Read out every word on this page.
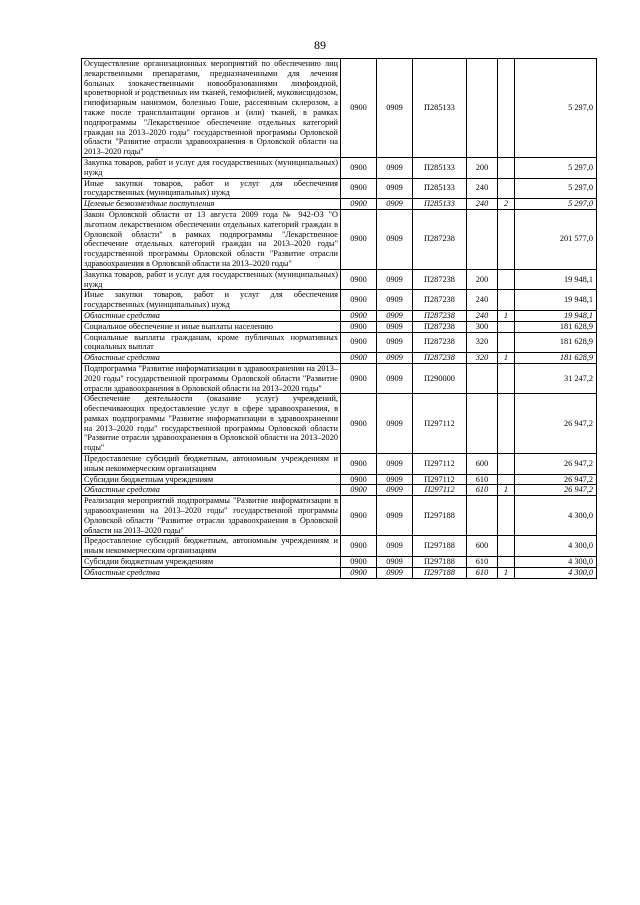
89
Осуществление организационных мероприятий по обеспечению лиц лекарственными препаратами, предназначенными для лечения больных злокачественными новообразованиями лимфоидной, кроветворной и родственных им тканей, гемофилией, муковисцидозом, гипофизарным нанизмом, болезнью Гоше, рассеянным склерозом, а также после трансплантации органов и (или) тканей, в рамках подпрограммы "Лекарственное обеспечение отдельных категорий граждан на 2013–2020 годы" государственной программы Орловской области "Развитие отрасли здравоохранения в Орловской области на 2013–2020 годы"	0900	0909	П285133			5 297,0
Закупка товаров, работ и услуг для государственных (муниципальных) нужд	0900	0909	П285133	200		5 297,0
Иные закупки товаров, работ и услуг для обеспечения государственных (муниципальных) нужд	0900	0909	П285133	240		5 297,0
Целевые безвозмездные поступления	0900	0909	П285133	240	2	5 297,0
Закон Орловской области от 13 августа 2009 года № 942-ОЗ "О льготном лекарственном обеспечении отдельных категорий граждан в Орловской области" в рамках подпрограммы "Лекарственное обеспечение отдельных категорий граждан на 2013–2020 годы" государственной программы Орловской области "Развитие отрасли здравоохранения в Орловской области на 2013–2020 годы"	0900	0909	П287238			201 577,0
Закупка товаров, работ и услуг для государственных (муниципальных) нужд	0900	0909	П287238	200		19 948,1
Иные закупки товаров, работ и услуг для обеспечения государственных (муниципальных) нужд	0900	0909	П287238	240		19 948,1
Областные средства	0900	0909	П287238	240	1	19 948,1
Социальное обеспечение и иные выплаты населению	0900	0909	П287238	300		181 628,9
Социальные выплаты гражданам, кроме публичных нормативных социальных выплат	0900	0909	П287238	320		181 628,9
Областные средства	0900	0909	П287238	320	1	181 628,9
Подпрограмма "Развитие информатизации в здравоохранении на 2013–2020 годы" государственной программы Орловской области "Развитие отрасли здравоохранения в Орловской области на 2013–2020 годы"	0900	0909	П290000			31 247,2
Обеспечение деятельности (оказание услуг) учреждений, обеспечивающих предоставление услуг в сфере здравоохранения, в рамках подпрограммы "Развитие информатизации в здравоохранении на 2013–2020 годы" государственной программы Орловской области "Развитие отрасли здравоохранения в Орловской области на 2013–2020 годы"	0900	0909	П297112			26 947,2
Предоставление субсидий бюджетным, автономным учреждениям и иным некоммерческим организациям	0900	0909	П297112	600		26 947,2
Субсидии бюджетным учреждениям	0900	0909	П297112	610		26 947,2
Областные средства	0900	0909	П297112	610	1	26 947,2
Реализация мероприятий подпрограммы "Развитие информатизации в здравоохранении на 2013–2020 годы" государственной программы Орловской области "Развитие отрасли здравоохранения в Орловской области на 2013–2020 годы"	0900	0909	П297188			4 300,0
Предоставление субсидий бюджетным, автономным учреждениям и иным некоммерческим организациям	0900	0909	П297188	600		4 300,0
Субсидии бюджетным учреждениям	0900	0909	П297188	610		4 300,0
Областные средства	0900	0909	П297188	610	1	4 300,0
